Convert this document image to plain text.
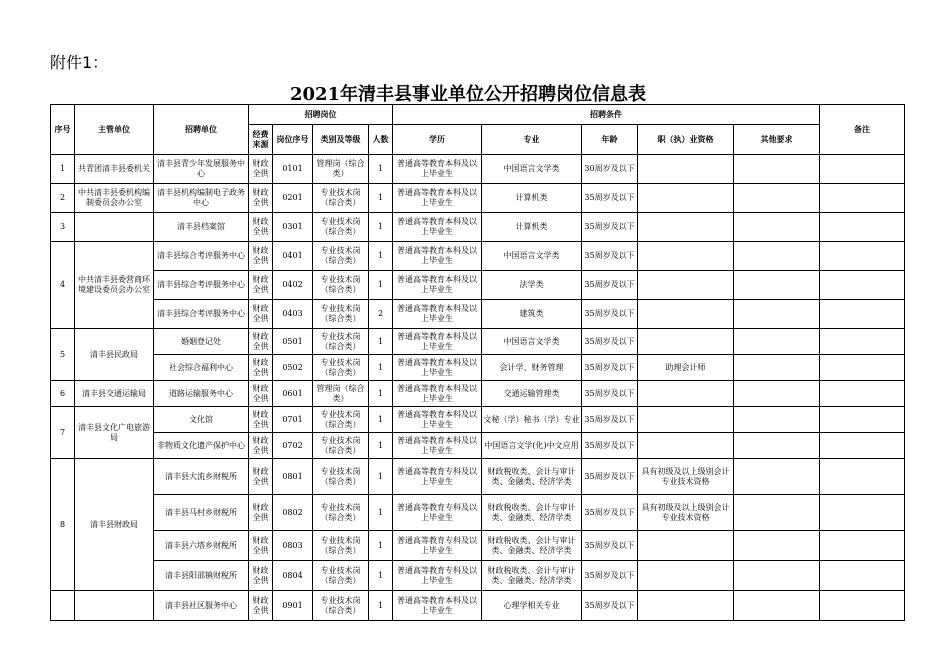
附件1：
2021年清丰县事业单位公开招聘岗位信息表
序号	主管单位	招聘单位	招聘岗位				招聘条件					备注
			经费来源	岗位序号	类别及等级	人数	学历	专业	年龄	职（执）业资格	其他要求	
1	共青团清丰县委机关	清丰县青少年发展服务中心	财政全供	0101	管理岗（综合类）	1	普通高等教育本科及以上毕业生	中国语言文学类	30周岁及以下			
2	中共清丰县委机构编制委员会办公室	清丰县机构编制电子政务中心	财政全供	0201	专业技术岗（综合类）	1	普通高等教育本科及以上毕业生	计算机类	35周岁及以下			
3		清丰县档案馆	财政全供	0301	专业技术岗（综合类）	1	普通高等教育本科及以上毕业生	计算机类	35周岁及以下			
4	中共清丰县委营商环境建设委员会办公室	清丰县综合考评服务中心	财政全供	0401	专业技术岗（综合类）	1	普通高等教育本科及以上毕业生	中国语言文学类	35周岁及以下			
		清丰县综合考评服务中心	财政全供	0402	专业技术岗（综合类）	1	普通高等教育本科及以上毕业生	法学类	35周岁及以下			
		清丰县综合考评服务中心	财政全供	0403	专业技术岗（综合类）	2	普通高等教育本科及以上毕业生	建筑类	35周岁及以下			
5	清丰县民政局	婚姻登记处	财政全供	0501	专业技术岗（综合类）	1	普通高等教育本科及以上毕业生	中国语言文学类	35周岁及以下			
		社会综合福利中心	财政全供	0502	专业技术岗（综合类）	1	普通高等教育本科及以上毕业生	会计学、财务管理	35周岁及以下	助理会计师		
6	清丰县交通运输局	道路运输服务中心	财政全供	0601	管理岗（综合类）	1	普通高等教育本科及以上毕业生	交通运输管理类	35周岁及以下			
7	清丰县文化广电旅游局	文化馆	财政全供	0701	专业技术岗（综合类）	1	普通高等教育本科及以上毕业生	文秘（学）秘书（学）专业	35周岁及以下			
		非物质文化遗产保护中心	财政全供	0702	专业技术岗（综合类）	1	普通高等教育本科及以上毕业生	中国语言文学(化)中文应用	35周岁及以下			
8	清丰县财政局	清丰县大流乡财税所	财政全供	0801	专业技术岗（综合类）	1	普通高等教育专科及以上毕业生	财政税收类、会计与审计类、金融类、经济学类	35周岁及以下	具有初级及以上级别会计专业技术资格		
		清丰县马村乡财税所	财政全供	0802	专业技术岗（综合类）	1	普通高等教育专科及以上毕业生	财政税收类、会计与审计类、金融类、经济学类	35周岁及以下	具有初级及以上级别会计专业技术资格		
		清丰县六塔乡财税所	财政全供	0803	专业技术岗（综合类）	1	普通高等教育专科及以上毕业生	财政税收类、会计与审计类、金融类、经济学类	35周岁及以下			
		清丰县阳邵镇财税所	财政全供	0804	专业技术岗（综合类）	1	普通高等教育专科及以上毕业生	财政税收类、会计与审计类、金融类、经济学类	35周岁及以下			
		清丰县社区服务中心	财政全供	0901	专业技术岗（综合类）	1	普通高等教育本科及以上毕业生	心理学相关专业	35周岁及以下			
